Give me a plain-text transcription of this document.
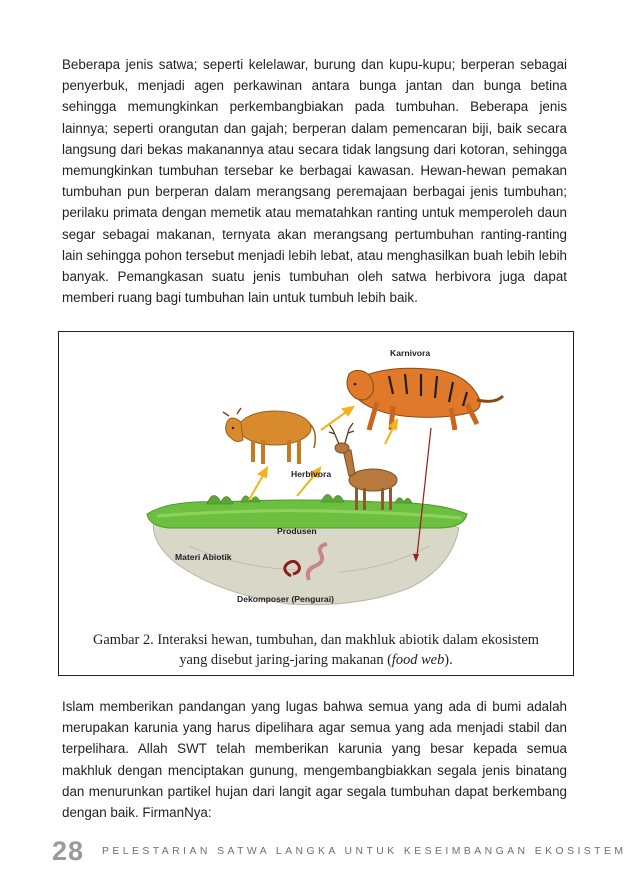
Beberapa jenis satwa; seperti kelelawar, burung dan kupu-kupu; berperan sebagai penyerbuk, menjadi agen perkawinan antara bunga jantan dan bunga betina sehingga memungkinkan perkembangbiakan pada tumbuhan. Beberapa jenis lainnya; seperti orangutan dan gajah; berperan dalam pemencaran biji, baik secara langsung dari bekas makanannya atau secara tidak langsung dari kotoran, sehingga memungkinkan tumbuhan tersebar ke berbagai kawasan. Hewan-hewan pemakan tumbuhan pun berperan dalam merangsang peremajaan berbagai jenis tumbuhan; perilaku primata dengan memetik atau mematahkan ranting untuk memperoleh daun segar sebagai makanan, ternyata akan merangsang pertumbuhan ranting-ranting lain sehingga pohon tersebut menjadi lebih lebat, atau menghasilkan buah lebih lebih banyak. Pemangkasan suatu jenis tumbuhan oleh satwa herbivora juga dapat memberi ruang bagi tumbuhan lain untuk tumbuh lebih baik.

Karnivora
Herbivora
Produsen
Materi Abiotik
Dekomposer (Pengurai)

Gambar 2. Interaksi hewan, tumbuhan, dan makhluk abiotik dalam ekosistem
yang disebut jaring-jaring makanan (food web).

Islam memberikan pandangan yang lugas bahwa semua yang ada di bumi adalah merupakan karunia yang harus dipelihara agar semua yang ada menjadi stabil dan terpelihara. Allah SWT telah memberikan karunia yang besar kepada semua makhluk dengan menciptakan gunung, mengembangbiakkan segala jenis binatang dan menurunkan partikel hujan dari langit agar segala tumbuhan dapat berkembang dengan baik. FirmanNya:

28 PELESTARIAN SATWA LANGKA UNTUK KESEIMBANGAN EKOSISTEM
